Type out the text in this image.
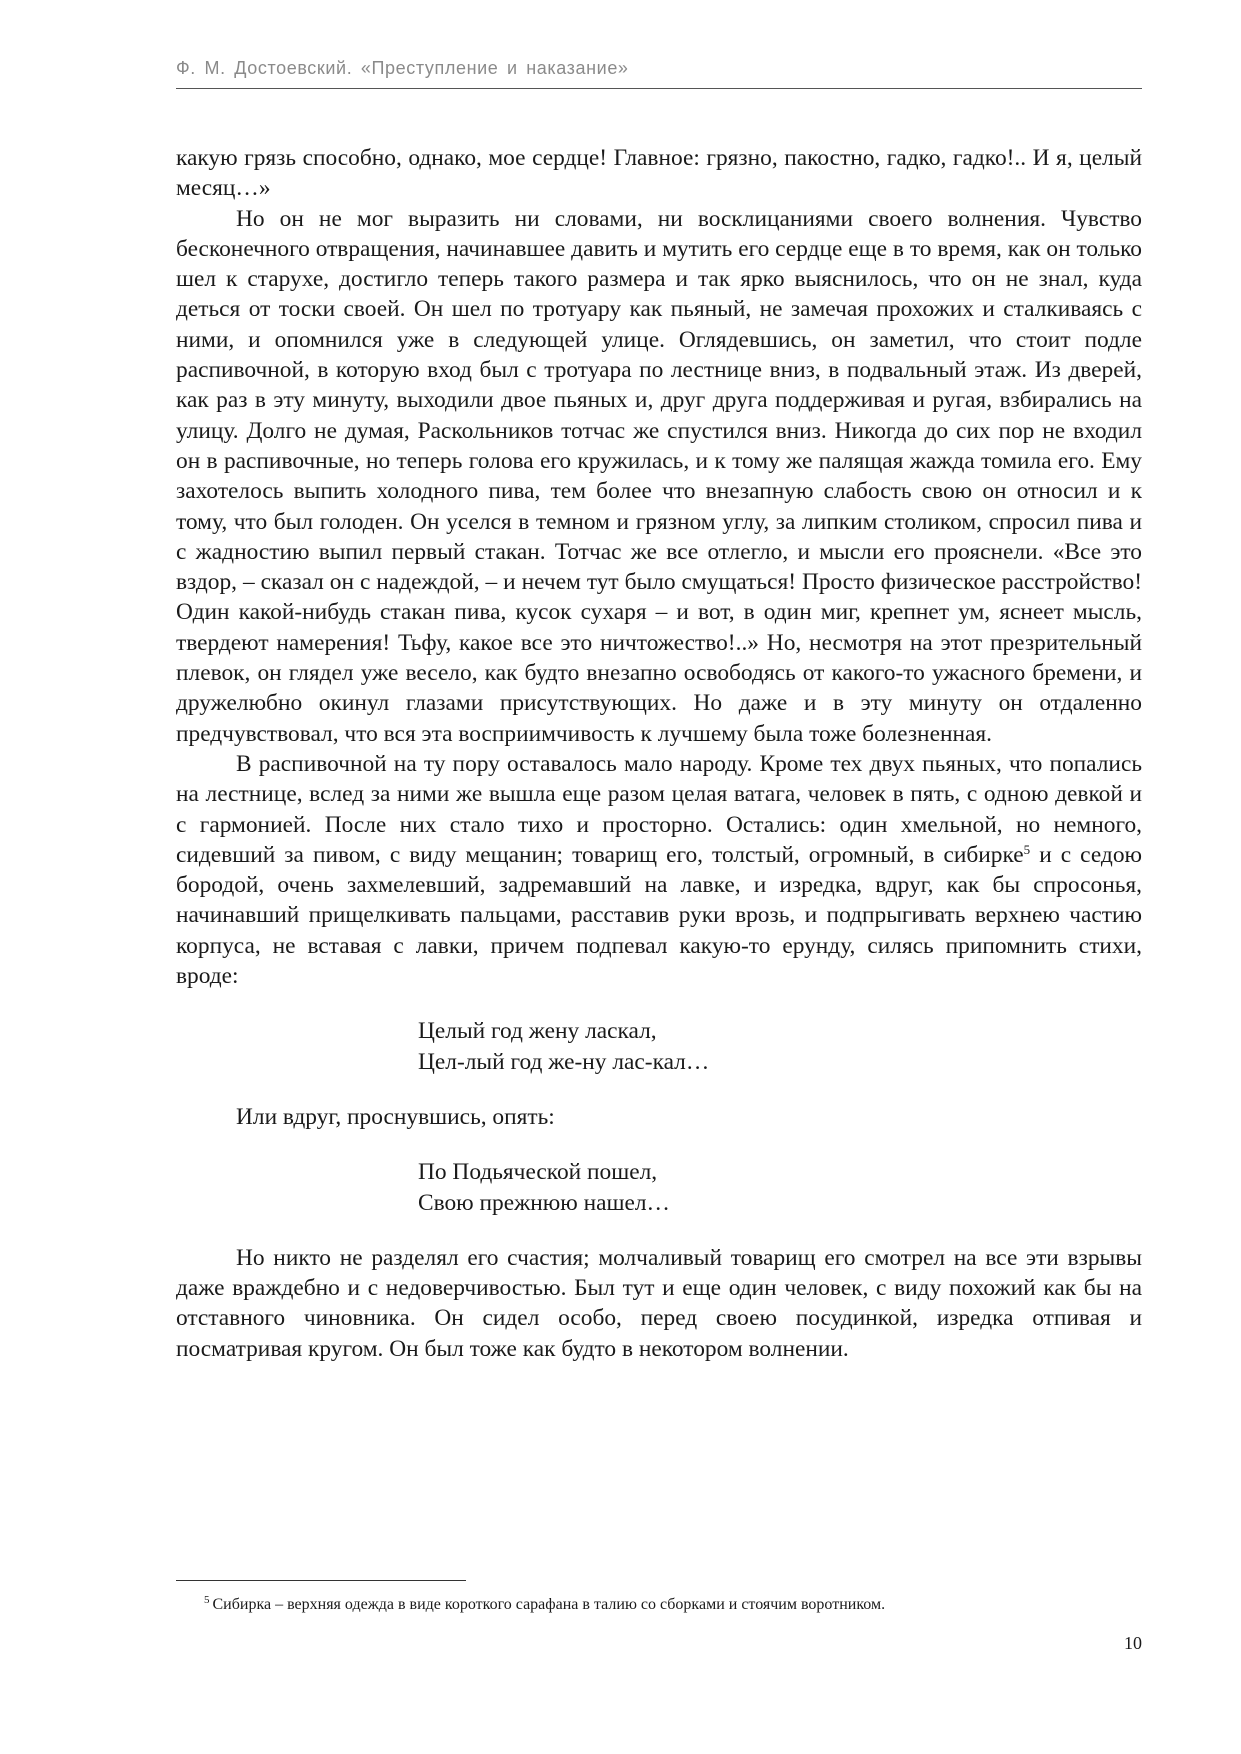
Ф. М. Достоевский. «Преступление и наказание»

какую грязь способно, однако, мое сердце! Главное: грязно, пакостно, гадко, гадко!.. И я, целый месяц…»

Но он не мог выразить ни словами, ни восклицаниями своего волнения. Чувство бесконечного отвращения, начинавшее давить и мутить его сердце еще в то время, как он только шел к старухе, достигло теперь такого размера и так ярко выяснилось, что он не знал, куда деться от тоски своей. Он шел по тротуару как пьяный, не замечая прохожих и сталкиваясь с ними, и опомнился уже в следующей улице. Оглядевшись, он заметил, что стоит подле распивочной, в которую вход был с тротуара по лестнице вниз, в подвальный этаж. Из дверей, как раз в эту минуту, выходили двое пьяных и, друг друга поддерживая и ругая, взбирались на улицу. Долго не думая, Раскольников тотчас же спустился вниз. Никогда до сих пор не входил он в распивочные, но теперь голова его кружилась, и к тому же палящая жажда томила его. Ему захотелось выпить холодного пива, тем более что внезапную слабость свою он относил и к тому, что был голоден. Он уселся в темном и грязном углу, за липким столиком, спросил пива и с жадностию выпил первый стакан. Тотчас же все отлегло, и мысли его прояснели. «Все это вздор, – сказал он с надеждой, – и нечем тут было смущаться! Просто физическое расстройство! Один какой-нибудь стакан пива, кусок сухаря – и вот, в один миг, крепнет ум, яснеет мысль, твердеют намерения! Тьфу, какое все это ничтожество!..» Но, несмотря на этот презрительный плевок, он глядел уже весело, как будто внезапно освободясь от какого-то ужасного бремени, и дружелюбно окинул глазами присутствующих. Но даже и в эту минуту он отдаленно предчувствовал, что вся эта восприимчивость к лучшему была тоже болезненная.

В распивочной на ту пору оставалось мало народу. Кроме тех двух пьяных, что попались на лестнице, вслед за ними же вышла еще разом целая ватага, человек в пять, с одною девкой и с гармонией. После них стало тихо и просторно. Остались: один хмельной, но немного, сидевший за пивом, с виду мещанин; товарищ его, толстый, огромный, в сибирке$^5$ и с седою бородой, очень захмелевший, задремавший на лавке, и изредка, вдруг, как бы спросонья, начинавший прищелкивать пальцами, расставив руки врозь, и подпрыгивать верхнею частию корпуса, не вставая с лавки, причем подпевал какую-то ерунду, силясь припомнить стихи, вроде:

Целый год жену ласкал,
Цел-лый год же-ну лас-кал…

Или вдруг, проснувшись, опять:

По Подьяческой пошел,
Свою прежнюю нашел…

Но никто не разделял его счастия; молчаливый товарищ его смотрел на все эти взрывы даже враждебно и с недоверчивостью. Был тут и еще один человек, с виду похожий как бы на отставного чиновника. Он сидел особо, перед своею посудинкой, изредка отпивая и посматривая кругом. Он был тоже как будто в некотором волнении.

$^5$ Сибирка – верхняя одежда в виде короткого сарафана в талию со сборками и стоячим воротником.
10
